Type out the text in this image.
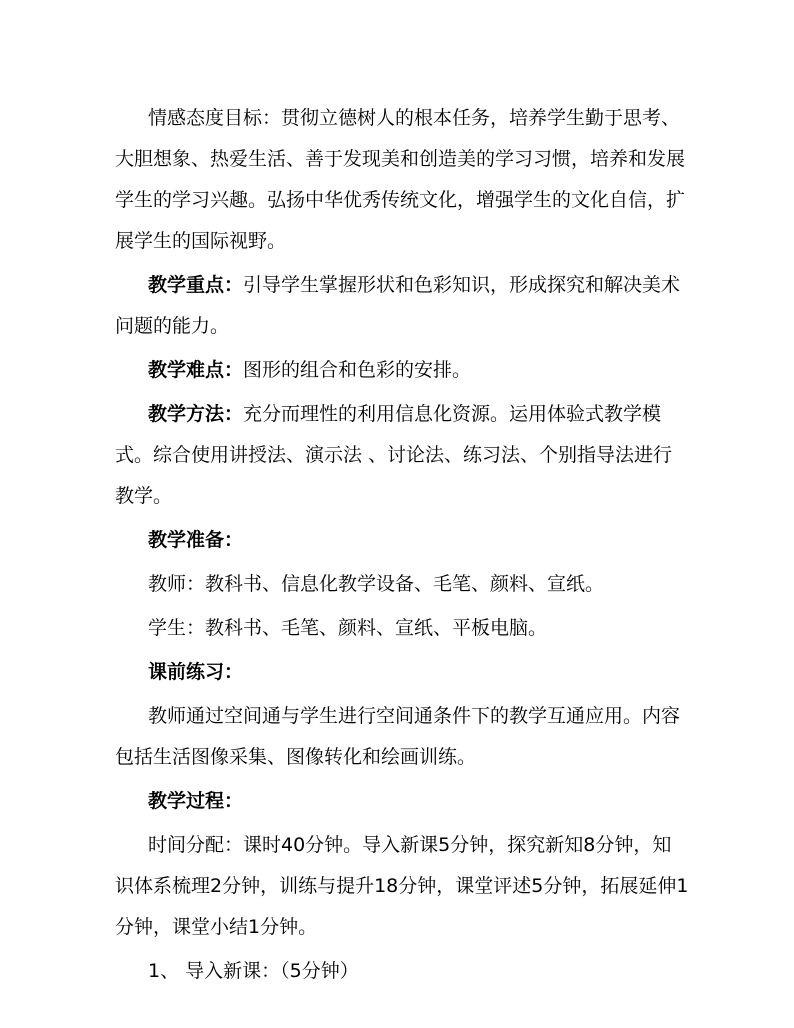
情感态度目标：贯彻立德树人的根本任务，培养学生勤于思考、大胆想象、热爱生活、善于发现美和创造美的学习习惯，培养和发展学生的学习兴趣。弘扬中华优秀传统文化，增强学生的文化自信，扩展学生的国际视野。

教学重点：引导学生掌握形状和色彩知识，形成探究和解决美术问题的能力。

教学难点：图形的组合和色彩的安排。

教学方法：充分而理性的利用信息化资源。运用体验式教学模式。综合使用讲授法、演示法 、讨论法、练习法、个别指导法进行教学。

教学准备：

教师：教科书、信息化教学设备、毛笔、颜料、宣纸。

学生：教科书、毛笔、颜料、宣纸、平板电脑。

课前练习：

教师通过空间通与学生进行空间通条件下的教学互通应用。内容包括生活图像采集、图像转化和绘画训练。

教学过程：

时间分配：课时40分钟。导入新课5分钟，探究新知8分钟，知识体系梳理2分钟，训练与提升18分钟，课堂评述5分钟，拓展延伸1分钟，课堂小结1分钟。

1、 导入新课：（5分钟）
